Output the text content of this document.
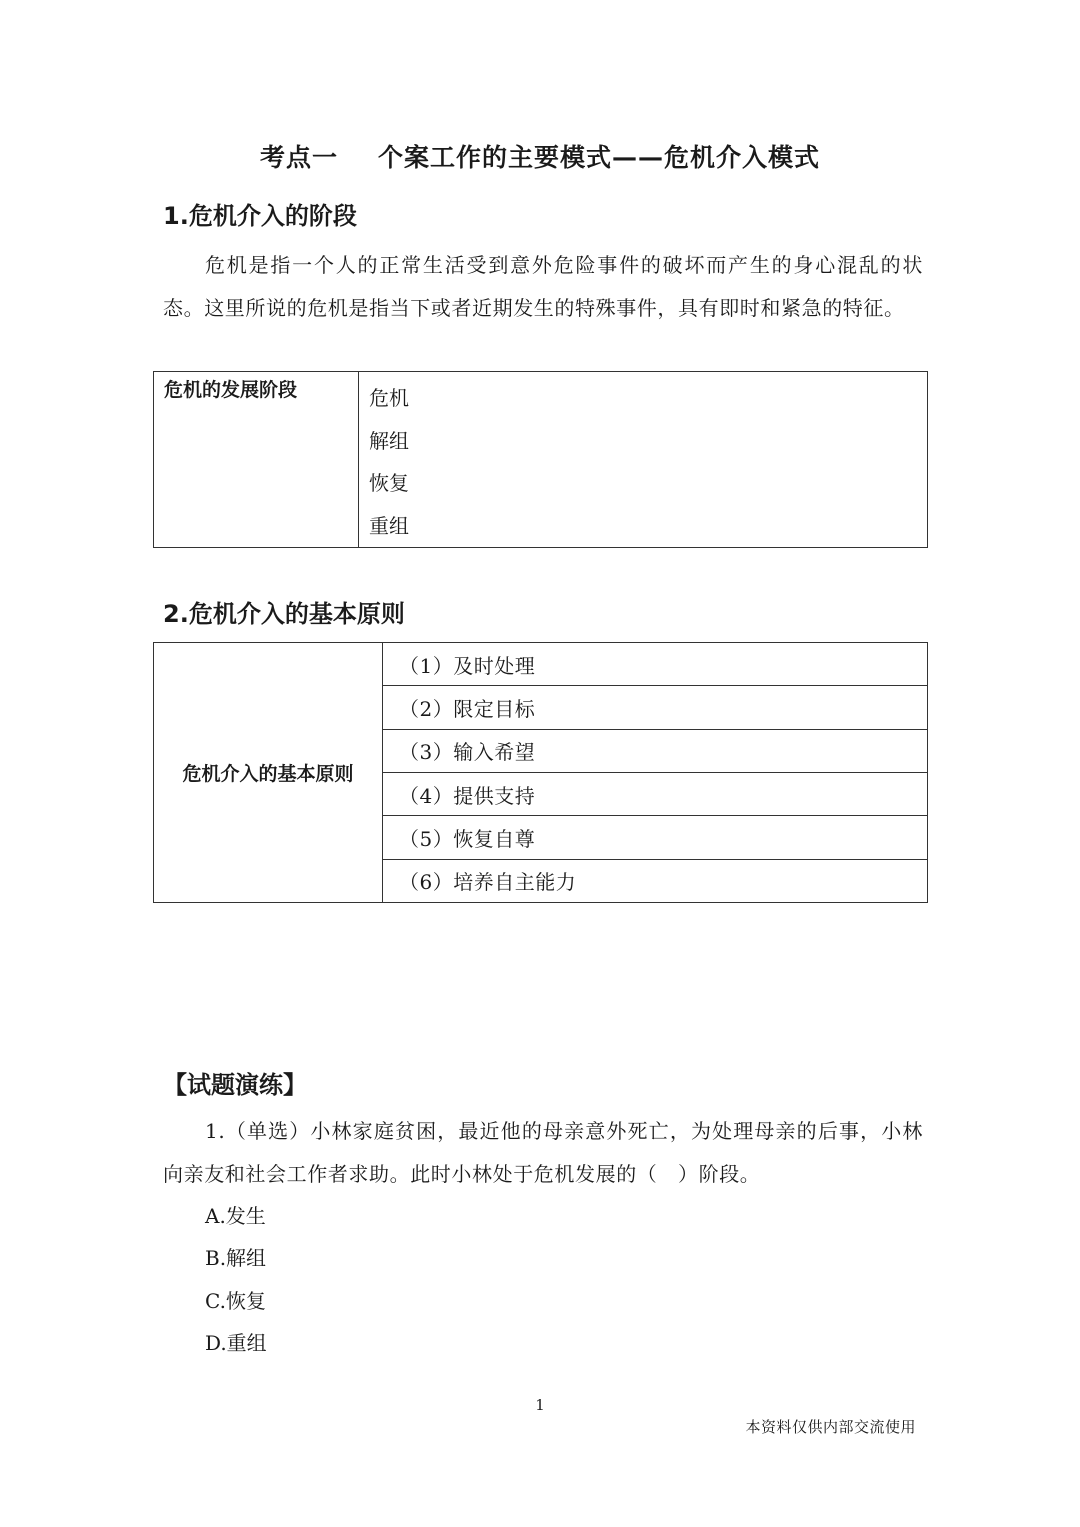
考点一 个案工作的主要模式——危机介入模式
1.危机介入的阶段
危机是指一个人的正常生活受到意外危险事件的破坏而产生的身心混乱的状态。这里所说的危机是指当下或者近期发生的特殊事件，具有即时和紧急的特征。
危机的发展阶段	危机
解组
恢复
重组
2.危机介入的基本原则
危机介入的基本原则	（1）及时处理
（2）限定目标
（3）输入希望
（4）提供支持
（5）恢复自尊
（6）培养自主能力
【试题演练】
1.（单选）小林家庭贫困，最近他的母亲意外死亡，为处理母亲的后事，小林向亲友和社会工作者求助。此时小林处于危机发展的（　）阶段。
A.发生
B.解组
C.恢复
D.重组
1
本资料仅供内部交流使用
